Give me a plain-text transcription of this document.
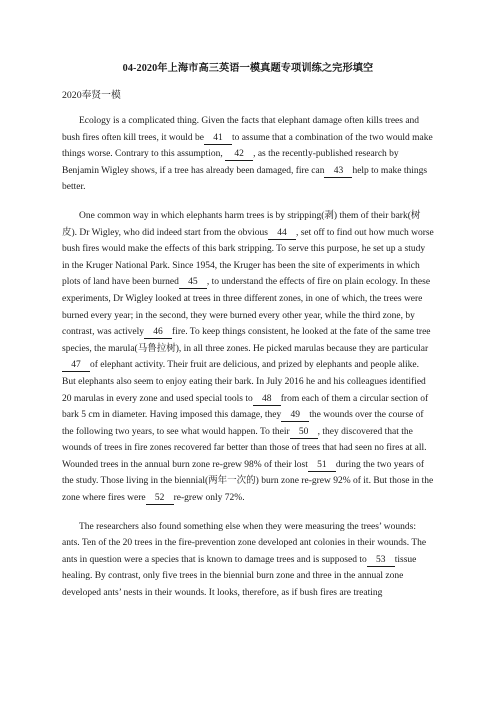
04-2020年上海市高三英语一模真题专项训练之完形填空
2020奉贤一模

Ecology is a complicated thing. Given the facts that elephant damage often kills trees and bush fires often kill trees, it would be 41 to assume that a combination of the two would make things worse. Contrary to this assumption, 42 , as the recently-published research by Benjamin Wigley shows, if a tree has already been damaged, fire can 43 help to make things better.

One common way in which elephants harm trees is by stripping(剥) them of their bark(树皮). Dr Wigley, who did indeed start from the obvious 44 , set off to find out how much worse bush fires would make the effects of this bark stripping. To serve this purpose, he set up a study in the Kruger National Park. Since 1954, the Kruger has been the site of experiments in which plots of land have been burned 45 , to understand the effects of fire on plain ecology. In these experiments, Dr Wigley looked at trees in three different zones, in one of which, the trees were burned every year; in the second, they were burned every other year, while the third zone, by contrast, was actively 46 fire. To keep things consistent, he looked at the fate of the same tree species, the marula(马鲁拉树), in all three zones. He picked marulas because they are particular47 of elephant activity. Their fruit are delicious, and prized by elephants and people alike. But elephants also seem to enjoy eating their bark. In July 2016 he and his colleagues identified 20 marulas in every zone and used special tools to 48 from each of them a circular section of bark 5 cm in diameter. Having imposed this damage, they 49 the wounds over the course of the following two years, to see what would happen. To their 50 , they discovered that the wounds of trees in fire zones recovered far better than those of trees that had seen no fires at all. Wounded trees in the annual burn zone re-grew 98% of their lost 51 during the two years of the study. Those living in the biennial(两年一次的) burn zone re-grew 92% of it. But those in the zone where fires were 52 re-grew only 72%.

The researchers also found something else when they were measuring the trees’ wounds: ants. Ten of the 20 trees in the fire-prevention zone developed ant colonies in their wounds. The ants in question were a species that is known to damage trees and is supposed to 53 tissue healing. By contrast, only five trees in the biennial burn zone and three in the annual zone developed ants’ nests in their wounds. It looks, therefore, as if bush fires are treating
